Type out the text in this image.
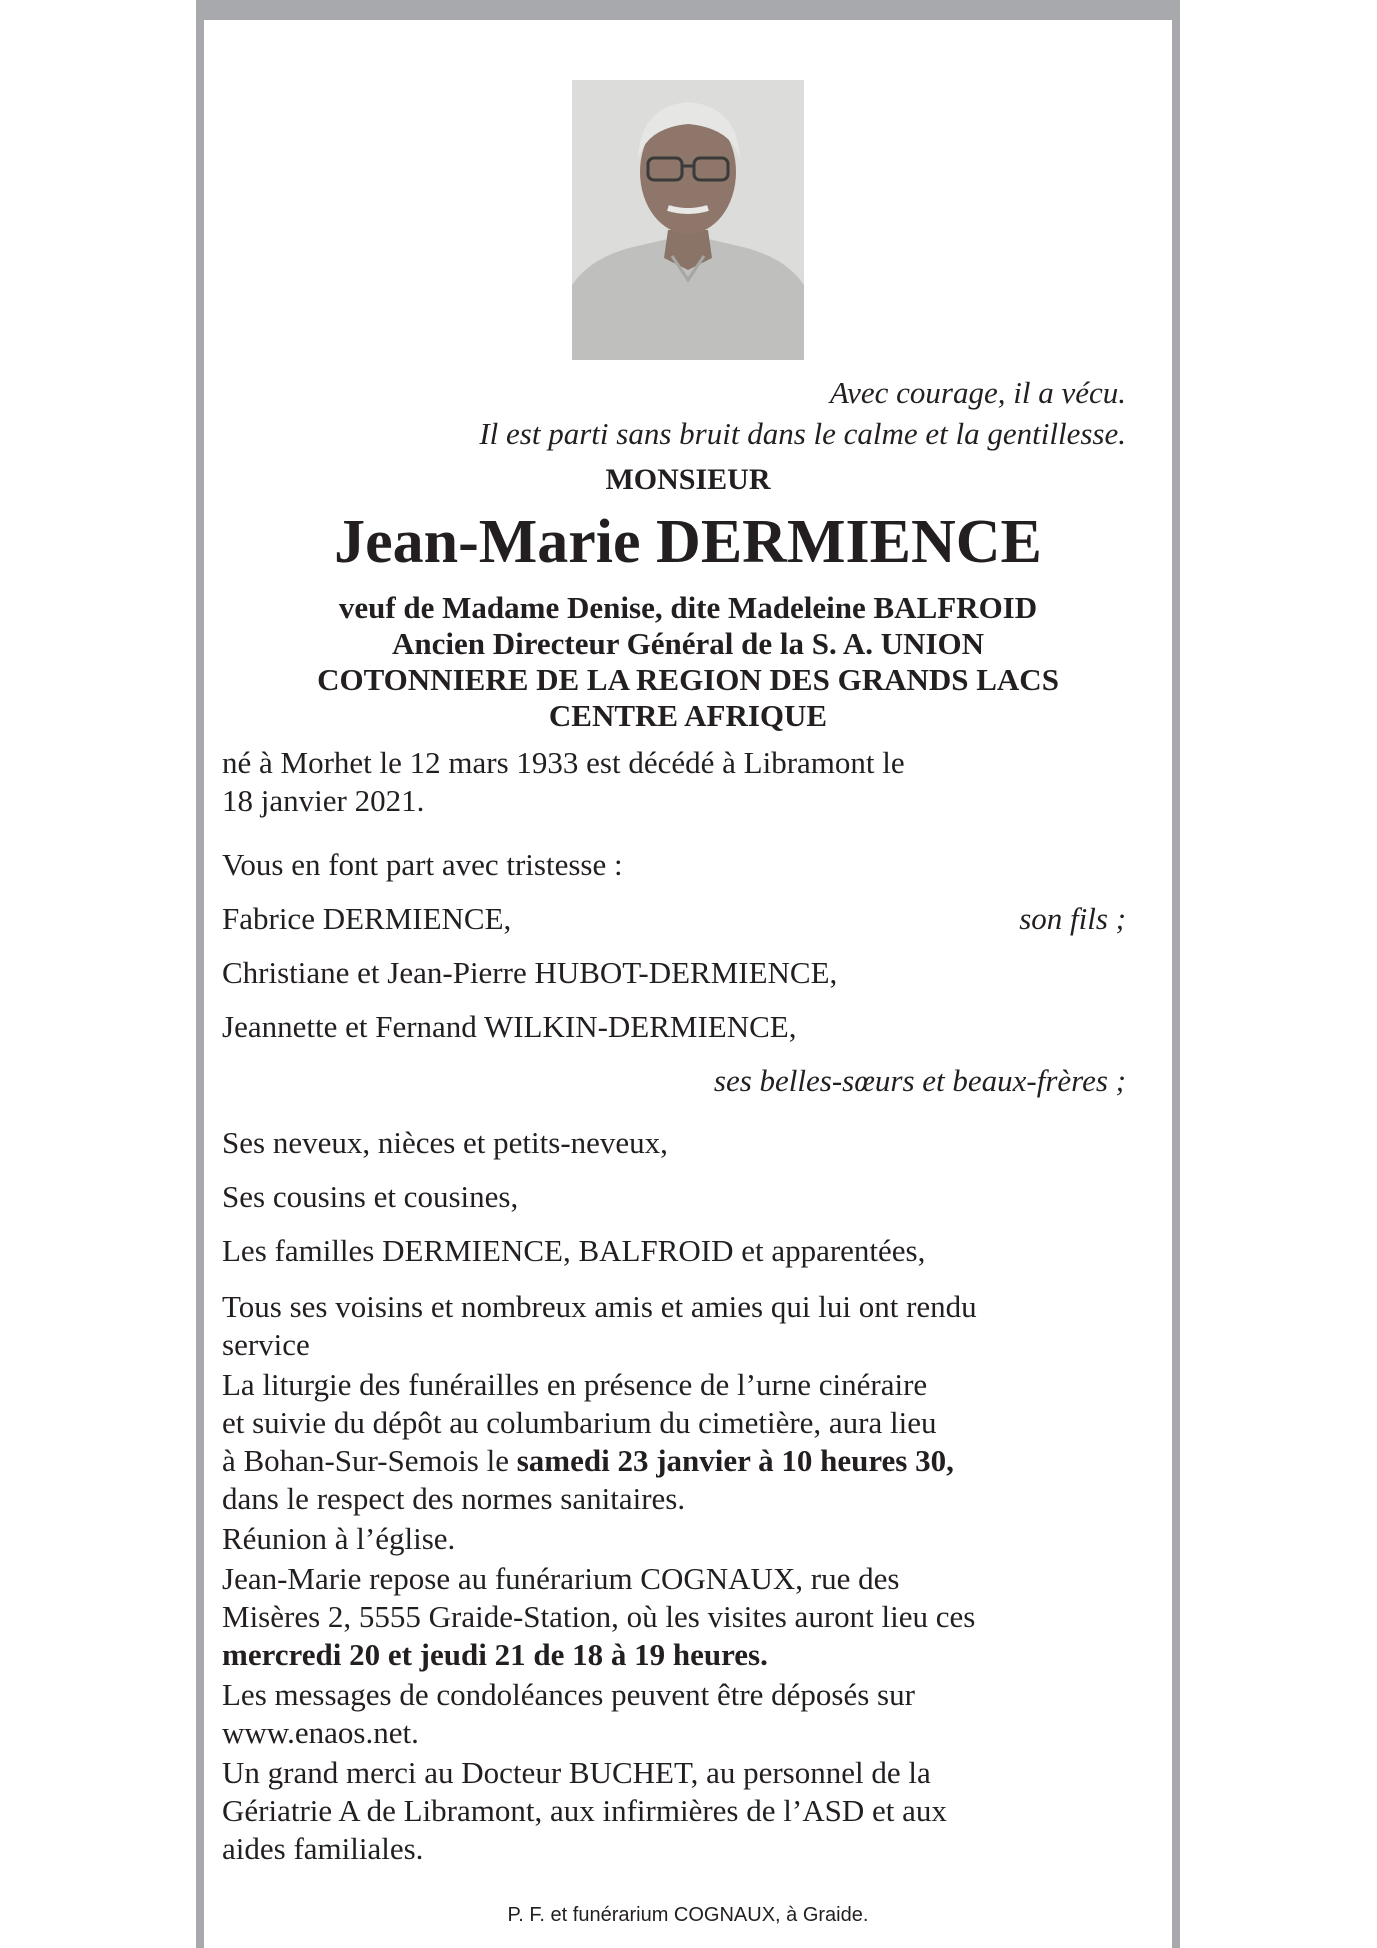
Avec courage, il a vécu.
Il est parti sans bruit dans le calme et la gentillesse.
MONSIEUR
Jean-Marie DERMIENCE
veuf de Madame Denise, dite Madeleine BALFROID
Ancien Directeur Général de la S. A. UNION
COTONNIERE DE LA REGION DES GRANDS LACS
CENTRE AFRIQUE
né à Morhet le 12 mars 1933 est décédé à Libramont le
18 janvier 2021.
Vous en font part avec tristesse :
Fabrice DERMIENCE,	son fils ;
Christiane et Jean-Pierre HUBOT-DERMIENCE,
Jeannette et Fernand WILKIN-DERMIENCE,
ses belles-sœurs et beaux-frères ;
Ses neveux, nièces et petits-neveux,
Ses cousins et cousines,
Les familles DERMIENCE, BALFROID et apparentées,
Tous ses voisins et nombreux amis et amies qui lui ont rendu
service
La liturgie des funérailles en présence de l’urne cinéraire
et suivie du dépôt au columbarium du cimetière, aura lieu
à Bohan-Sur-Semois le samedi 23 janvier à 10 heures 30,
dans le respect des normes sanitaires.
Réunion à l’église.
Jean-Marie repose au funérarium COGNAUX, rue des
Misères 2, 5555 Graide-Station, où les visites auront lieu ces
mercredi 20 et jeudi 21 de 18 à 19 heures.
Les messages de condoléances peuvent être déposés sur
www.enaos.net.
Un grand merci au Docteur BUCHET, au personnel de la
Gériatrie A de Libramont, aux infirmières de l’ASD et aux
aides familiales.
P. F. et funérarium COGNAUX, à Graide.
